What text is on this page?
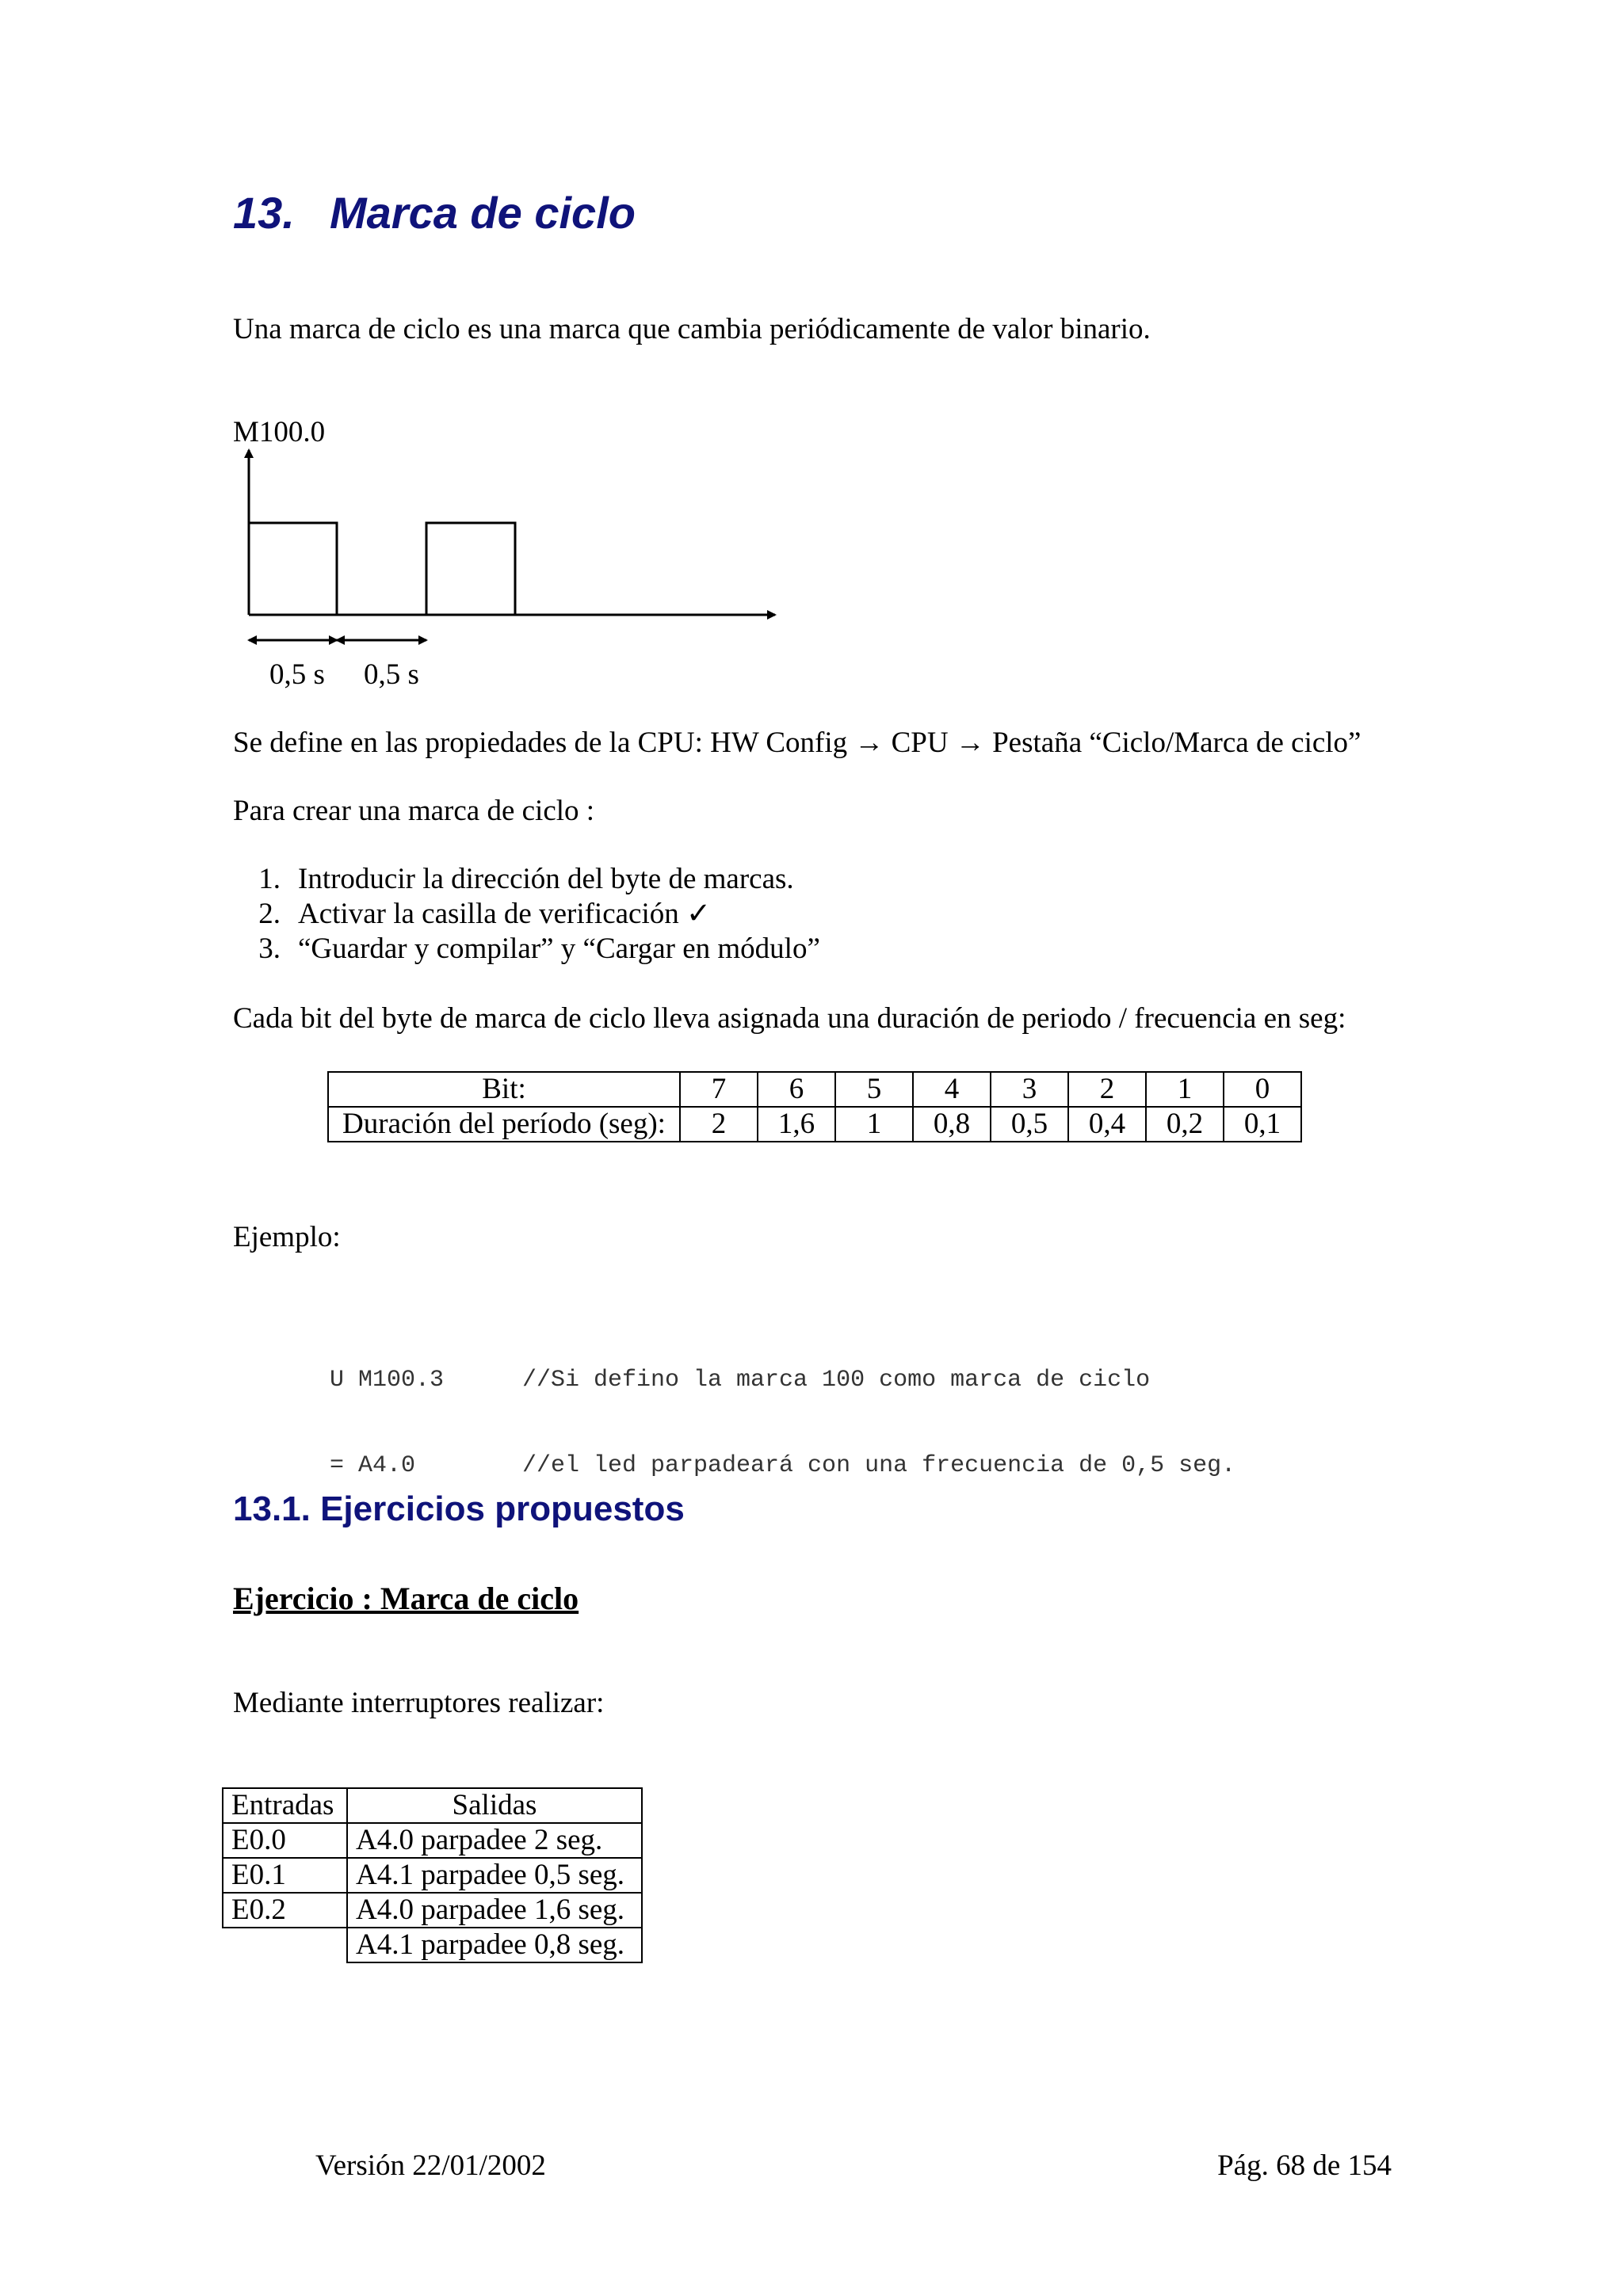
13. Marca de ciclo
Una marca de ciclo es una marca que cambia periódicamente de valor binario.
M100.0
0,5 s 0,5 s
Se define en las propiedades de la CPU: HW Config → CPU → Pestaña “Ciclo/Marca de ciclo”
Para crear una marca de ciclo :
1. Introducir la dirección del byte de marcas.
2. Activar la casilla de verificación ✓
3. “Guardar y compilar” y “Cargar en módulo”
Cada bit del byte de marca de ciclo lleva asignada una duración de periodo / frecuencia en seg:
Bit:	7	6	5	4	3	2	1	0
Duración del período (seg):	2	1,6	1	0,8	0,5	0,4	0,2	0,1
Ejemplo:

U M100.3	//Si defino la marca 100 como marca de ciclo

= A4.0	//el led parpadeará con una frecuencia de 0,5 seg.

13.1. Ejercicios propuestos
Ejercicio : Marca de ciclo
Mediante interruptores realizar:
Entradas	Salidas
E0.0	A4.0 parpadee 2 seg.
E0.1	A4.1 parpadee 0,5 seg.
E0.2	A4.0 parpadee 1,6 seg.
	A4.1 parpadee 0,8 seg.
Versión 22/01/2002	Pág. 68 de 154
